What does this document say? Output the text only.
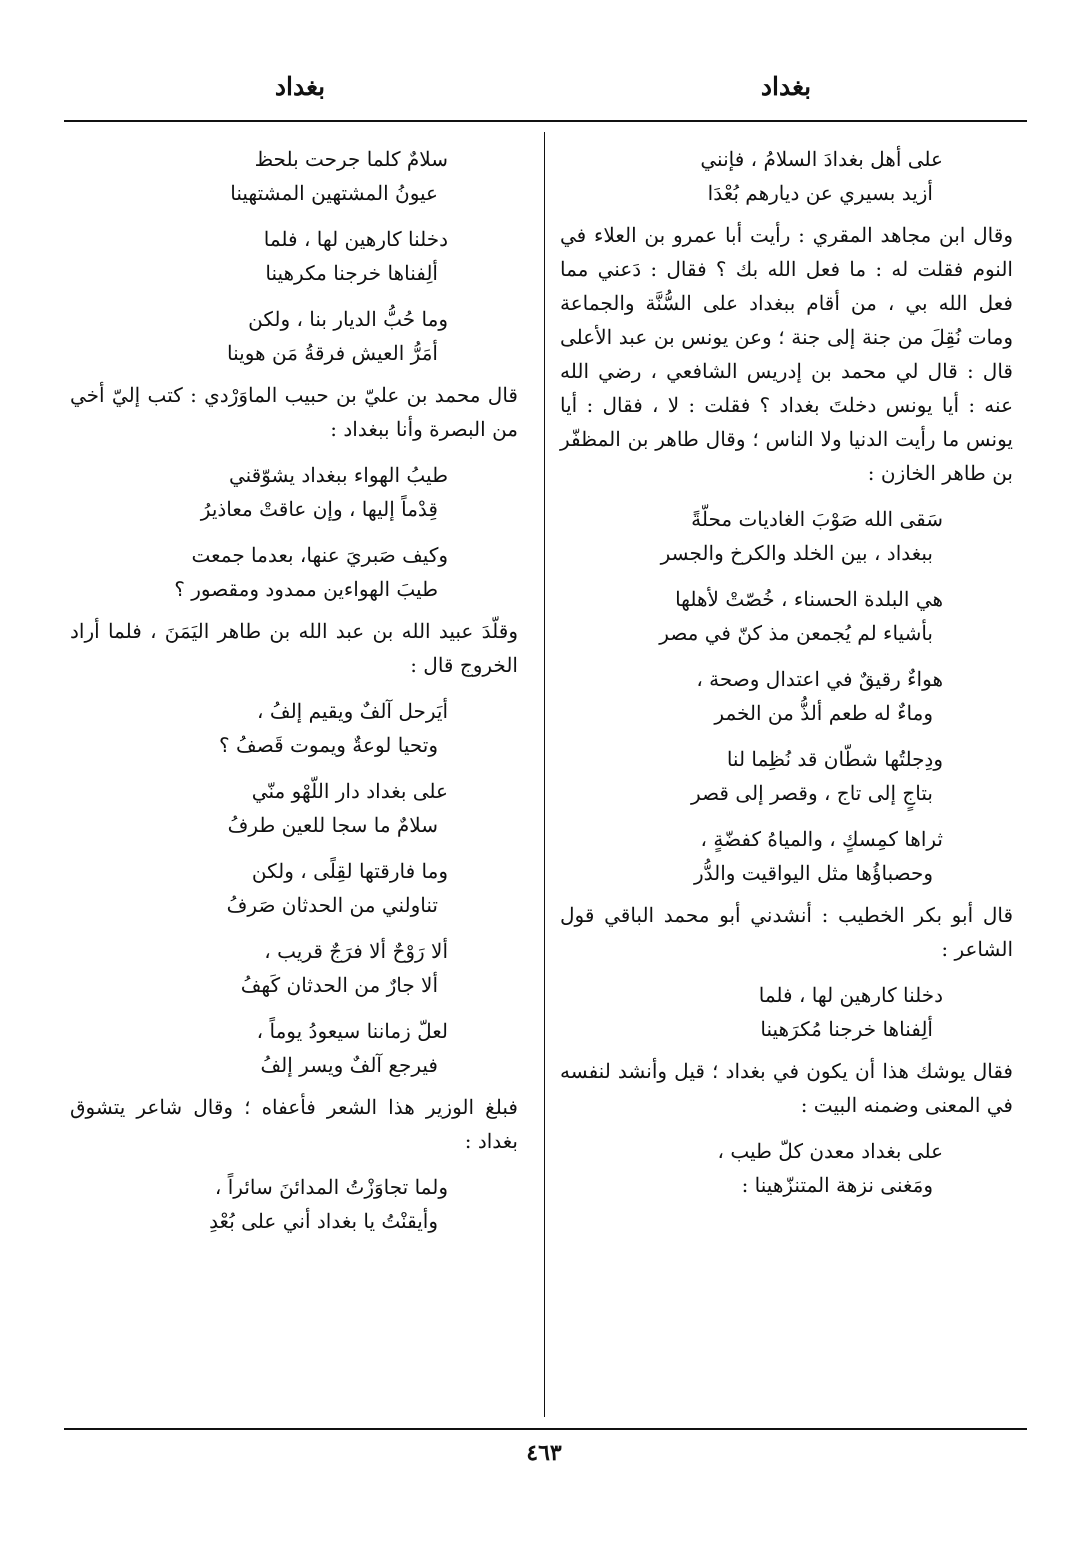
بغداد
بغداد
على أهل بغدادَ السلامُ ، فإنني
أزيد بسيري عن ديارهم بُعْدَا

وقال ابن مجاهد المقري : رأيت أبا عمرو بن العلاء في النوم فقلت له : ما فعل الله بك ؟ فقال : دَعني مما فعل الله بي ، من أقام ببغداد على السُّنَّة والجماعة ومات نُقِلَ من جنة إلى جنة ؛ وعن يونس بن عبد الأعلى قال : قال لي محمد بن إدريس الشافعي ، رضي الله عنه : أيا يونس دخلتَ بغداد ؟ فقلت : لا ، فقال : أيا يونس ما رأيت الدنيا ولا الناس ؛ وقال طاهر بن المظفّر بن طاهر الخازن :

سَقى الله صَوْبَ الغاديات محلّةً
ببغداد ، بين الخلد والكرخ والجسر
هي البلدة الحسناء ، خُصّتْ لأهلها
بأشياء لم يُجمعن مذ كنّ في مصر
هواءٌ رقيقٌ في اعتدال وصحة ،
وماءٌ له طعم ألذُّ من الخمر
ودِجلتُها شطّان قد نُظِما لنا
بتاجٍ إلى تاج ، وقصر إلى قصر
ثراها كمِسكٍ ، والمياهُ كفضّةٍ ،
وحصباؤُها مثل اليواقيت والدُّر

قال أبو بكر الخطيب : أنشدني أبو محمد الباقي قول الشاعر :

دخلنا كارهين لها ، فلما
ألِفناها خرجنا مُكرَهينا

فقال يوشك هذا أن يكون في بغداد ؛ قيل وأنشد لنفسه في المعنى وضمنه البيت :

على بغداد معدن كلّ طيب ،
ومَغنى نزهة المتنزّهينا :
سلامٌ كلما جرحت بلحظ
عيونُ المشتهين المشتهينا
دخلنا كارهين لها ، فلما
ألِفناها خرجنا مكرهينا
وما حُبُّ الديار بنا ، ولكن
أمَرُّ العيش فرقةُ مَن هوينا

قال محمد بن عليّ بن حبيب الماوَرْدي : كتب إليّ أخي من البصرة وأنا ببغداد :

طيبُ الهواء ببغداد يشوّقني
قِدْماً إليها ، وإن عاقتْ معاذيرُ
وكيف صَبريَ عنها، بعدما جمعت
طيبَ الهواءين ممدود ومقصور ؟

وقلّدَ عبيد الله بن عبد الله بن طاهر اليَمَنَ ، فلما أراد الخروج قال :

أيَرحل آلفٌ ويقيم إلفُ ،
وتحيا لوعةٌ ويموت قَصفُ ؟
على بغداد دار اللّهْو منّي
سلامٌ ما سجا للعين طرفُ
وما فارقتها لقِلًى ، ولكن
تناولني من الحدثان صَرفُ
ألا رَوْحٌ ألا فرَجٌ قريب ،
ألا جارٌ من الحدثان كَهفُ
لعلّ زماننا سيعودُ يوماً ،
فيرجع آلفٌ ويسر إلفُ

فبلغ الوزير هذا الشعر فأعفاه ؛ وقال شاعر يتشوق بغداد :

ولما تجاوَزْتُ المدائنَ سائراً ،
وأيقنْتُ يا بغداد أني على بُعْدِ
٤٦٣
